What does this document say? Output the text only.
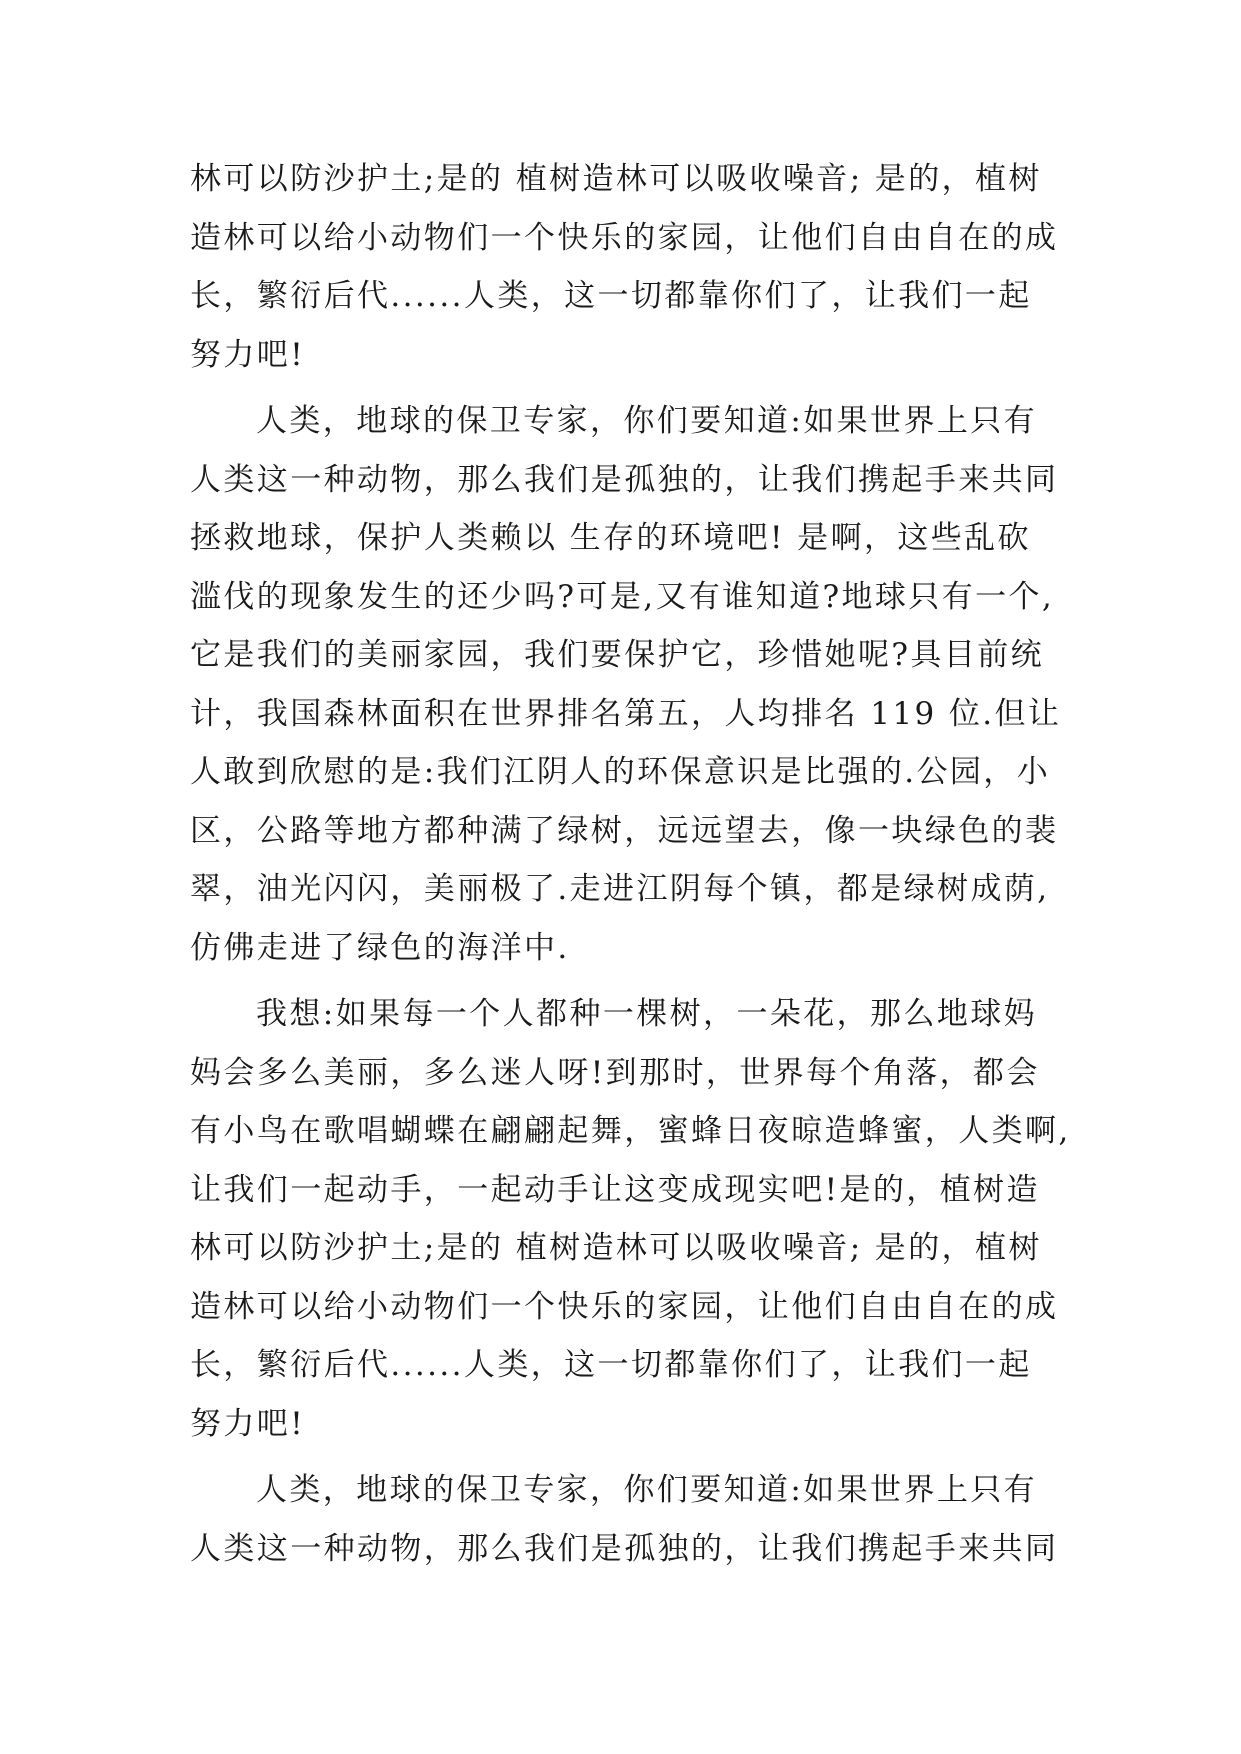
林可以防沙护土;是的 植树造林可以吸收噪音; 是的，植树
造林可以给小动物们一个快乐的家园，让他们自由自在的成
长，繁衍后代......人类，这一切都靠你们了，让我们一起
努力吧!
人类，地球的保卫专家，你们要知道:如果世界上只有
人类这一种动物，那么我们是孤独的，让我们携起手来共同
拯救地球，保护人类赖以 生存的环境吧! 是啊，这些乱砍
滥伐的现象发生的还少吗?可是,又有谁知道?地球只有一个,
它是我们的美丽家园，我们要保护它，珍惜她呢?具目前统
计，我国森林面积在世界排名第五，人均排名 119 位.但让
人敢到欣慰的是:我们江阴人的环保意识是比强的.公园，小
区，公路等地方都种满了绿树，远远望去，像一块绿色的裴
翠，油光闪闪，美丽极了.走进江阴每个镇，都是绿树成荫,
仿佛走进了绿色的海洋中.
我想:如果每一个人都种一棵树，一朵花，那么地球妈
妈会多么美丽，多么迷人呀!到那时，世界每个角落，都会
有小鸟在歌唱蝴蝶在翩翩起舞，蜜蜂日夜晾造蜂蜜，人类啊,
让我们一起动手，一起动手让这变成现实吧!是的，植树造
林可以防沙护土;是的 植树造林可以吸收噪音; 是的，植树
造林可以给小动物们一个快乐的家园，让他们自由自在的成
长，繁衍后代......人类，这一切都靠你们了，让我们一起
努力吧!
人类，地球的保卫专家，你们要知道:如果世界上只有
人类这一种动物，那么我们是孤独的，让我们携起手来共同
